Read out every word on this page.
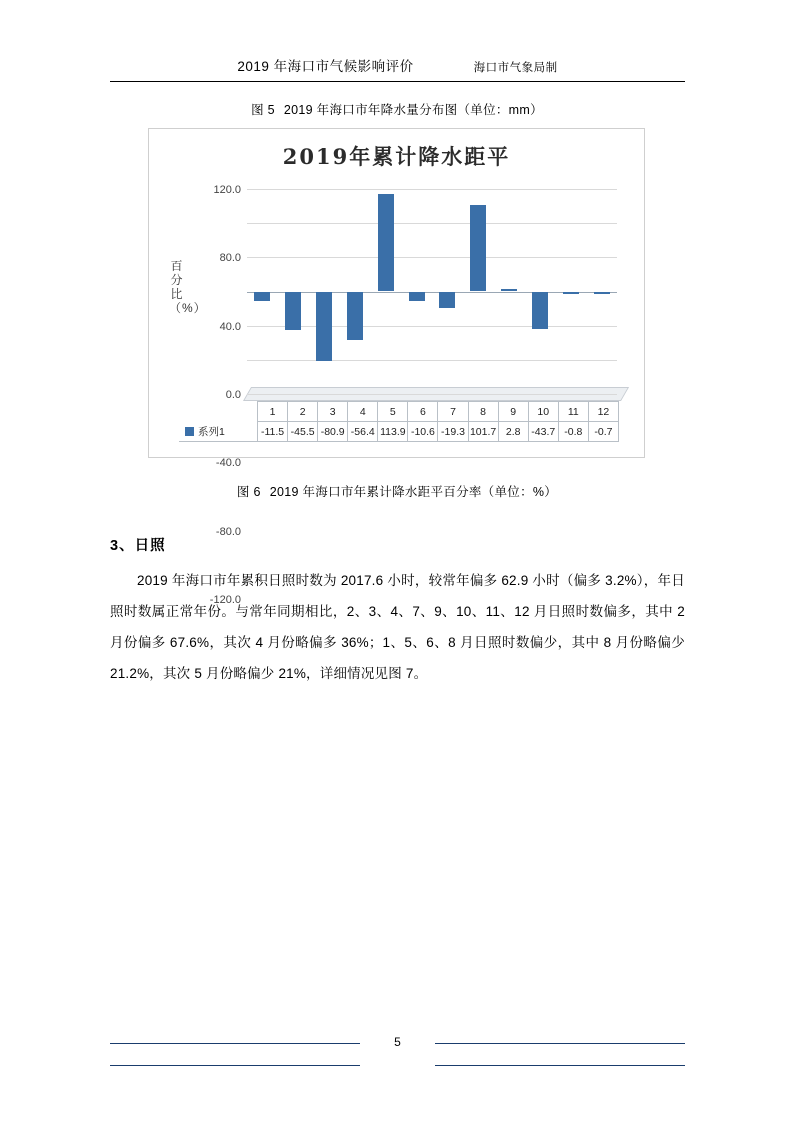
2019 年海口市气候影响评价	海口市气象局制
图 5 2019 年海口市年降水量分布图（单位：mm）
2019年累计降水距平
百分比（%）
120.0
80.0
40.0
0.0
-40.0
-80.0
-120.0
	1	2	3	4	5	6	7	8	9	10	11	12
系列1	-11.5	-45.5	-80.9	-56.4	113.9	-10.6	-19.3	101.7	2.8	-43.7	-0.8	-0.7
图 6 2019 年海口市年累计降水距平百分率（单位：%）
3、日照
2019 年海口市年累积日照时数为 2017.6 小时，较常年偏多 62.9 小时（偏多 3.2%），年日照时数属正常年份。与常年同期相比，2、3、4、7、9、10、11、12 月日照时数偏多，其中 2 月份偏多 67.6%，其次 4 月份略偏多 36%；1、5、6、8 月日照时数偏少，其中 8 月份略偏少 21.2%，其次 5 月份略偏少 21%，详细情况见图 7。
5
